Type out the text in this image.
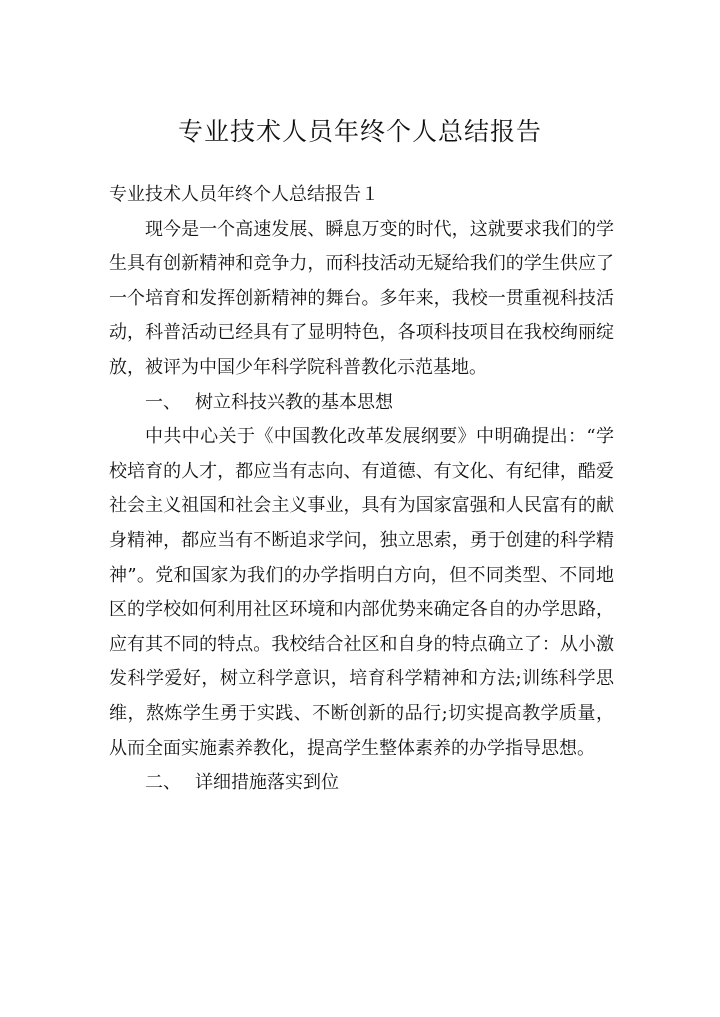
专业技术人员年终个人总结报告

专业技术人员年终个人总结报告１

现今是一个高速发展、瞬息万变的时代，这就要求我们的学生具有创新精神和竞争力，而科技活动无疑给我们的学生供应了一个培育和发挥创新精神的舞台。多年来，我校一贯重视科技活动，科普活动已经具有了显明特色，各项科技项目在我校绚丽绽放，被评为中国少年科学院科普教化示范基地。

一、 树立科技兴教的基本思想

中共中心关于《中国教化改革发展纲要》中明确提出：“学校培育的人才，都应当有志向、有道德、有文化、有纪律，酷爱社会主义祖国和社会主义事业，具有为国家富强和人民富有的献身精神，都应当有不断追求学问，独立思索，勇于创建的科学精神”。党和国家为我们的办学指明白方向，但不同类型、不同地区的学校如何利用社区环境和内部优势来确定各自的办学思路，应有其不同的特点。我校结合社区和自身的特点确立了：从小激发科学爱好，树立科学意识，培育科学精神和方法;训练科学思维，熬炼学生勇于实践、不断创新的品行;切实提高教学质量，从而全面实施素养教化，提高学生整体素养的办学指导思想。

二、 详细措施落实到位
